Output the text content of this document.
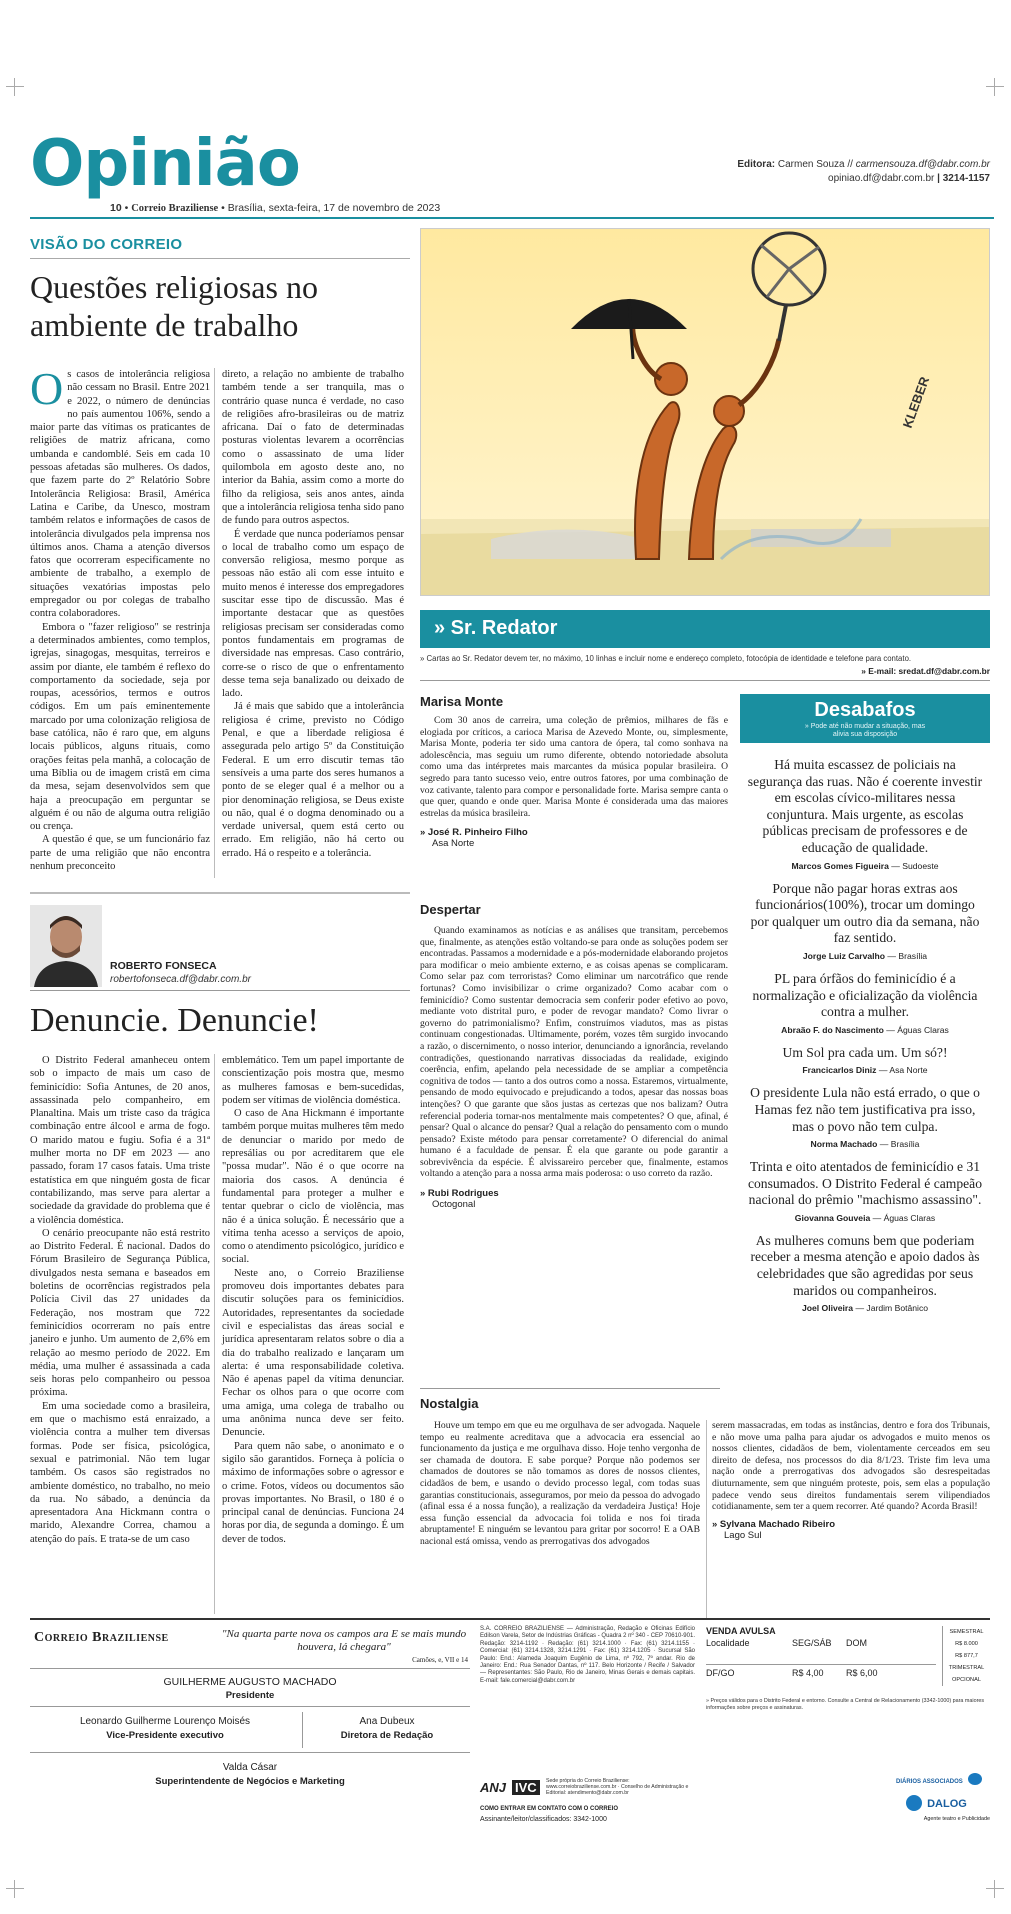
Opinião
10 • Correio Braziliense • Brasília, sexta-feira, 17 de novembro de 2023
Editora: Carmen Souza // carmensouza.df@dabr.com.br
opiniao.df@dabr.com.br | 3214-1157
VISÃO DO CORREIO
Questões religiosas no ambiente de trabalho
O s casos de intolerância religiosa não cessam no Brasil. Entre 2021 e 2022, o número de denúncias no país aumentou 106%, sendo a maior parte das vítimas os praticantes de religiões de matriz africana, como umbanda e candomblé. Seis em cada 10 pessoas afetadas são mulheres. Os dados, que fazem parte do 2º Relatório Sobre Intolerância Religiosa: Brasil, América Latina e Caribe, da Unesco, mostram também relatos e informações de casos de intolerância divulgados pela imprensa nos últimos anos. Chama a atenção diversos fatos que ocorreram especificamente no ambiente de trabalho, a exemplo de situações vexatórias impostas pelo empregador ou por colegas de trabalho contra colaboradores.

Embora o "fazer religioso" se restrinja a determinados ambientes, como templos, igrejas, sinagogas, mesquitas, terreiros e assim por diante, ele também é reflexo do comportamento da sociedade, seja por roupas, acessórios, termos e outros códigos. Em um país eminentemente marcado por uma colonização religiosa de base católica, não é raro que, em alguns locais públicos, alguns rituais, como orações feitas pela manhã, a colocação de uma Bíblia ou de imagem cristã em cima da mesa, sejam desenvolvidos sem que haja a preocupação em perguntar se alguém é ou não de alguma outra religião ou crença.

A questão é que, se um funcionário faz parte de uma religião que não encontra nenhum preconceito

direto, a relação no ambiente de trabalho também tende a ser tranquila, mas o contrário quase nunca é verdade, no caso de religiões afro-brasileiras ou de matriz africana. Daí o fato de determinadas posturas violentas levarem a ocorrências como o assassinato de uma líder quilombola em agosto deste ano, no interior da Bahia, assim como a morte do filho da religiosa, seis anos antes, ainda que a intolerância religiosa tenha sido pano de fundo para outros aspectos.

É verdade que nunca poderíamos pensar o local de trabalho como um espaço de conversão religiosa, mesmo porque as pessoas não estão ali com esse intuito e muito menos é interesse dos empregadores suscitar esse tipo de discussão. Mas é importante destacar que as questões religiosas precisam ser consideradas como pontos fundamentais em programas de diversidade nas empresas. Caso contrário, corre-se o risco de que o enfrentamento desse tema seja banalizado ou deixado de lado.

Já é mais que sabido que a intolerância religiosa é crime, previsto no Código Penal, e que a liberdade religiosa é assegurada pelo artigo 5º da Constituição Federal. E um erro discutir temas tão sensíveis a uma parte dos seres humanos a ponto de se eleger qual é a melhor ou a pior denominação religiosa, se Deus existe ou não, qual é o dogma denominado ou a verdade universal, quem está certo ou errado. Em religião, não há certo ou errado. Há o respeito e a tolerância.

ROBERTO FONSECA
robertofonseca.df@dabr.com.br
Denuncie. Denuncie!

O Distrito Federal amanheceu ontem sob o impacto de mais um caso de feminicídio: Sofia Antunes, de 20 anos, assassinada pelo companheiro, em Planaltina. Mais um triste caso da trágica combinação entre álcool e arma de fogo. O marido matou e fugiu. Sofia é a 31ª mulher morta no DF em 2023 — ano passado, foram 17 casos fatais. Uma triste estatística em que ninguém gosta de ficar contabilizando, mas serve para alertar a sociedade da gravidade do problema que é a violência doméstica.

O cenário preocupante não está restrito ao Distrito Federal. É nacional. Dados do Fórum Brasileiro de Segurança Pública, divulgados nesta semana e baseados em boletins de ocorrências registrados pela Polícia Civil das 27 unidades da Federação, nos mostram que 722 feminicídios ocorreram no país entre janeiro e junho. Um aumento de 2,6% em relação ao mesmo período de 2022. Em média, uma mulher é assassinada a cada seis horas pelo companheiro ou pessoa próxima.

Em uma sociedade como a brasileira, em que o machismo está enraizado, a violência contra a mulher tem diversas formas. Pode ser física, psicológica, sexual e patrimonial. Não tem lugar também. Os casos são registrados no ambiente doméstico, no trabalho, no meio da rua. No sábado, a denúncia da apresentadora Ana Hickmann contra o marido, Alexandre Correa, chamou a atenção do país. E trata-se de um caso

emblemático. Tem um papel importante de conscientização pois mostra que, mesmo as mulheres famosas e bem-sucedidas, podem ser vítimas de violência doméstica.

O caso de Ana Hickmann é importante também porque muitas mulheres têm medo de denunciar o marido por medo de represálias ou por acreditarem que ele "possa mudar". Não é o que ocorre na maioria dos casos. A denúncia é fundamental para proteger a mulher e tentar quebrar o ciclo de violência, mas não é a única solução. É necessário que a vítima tenha acesso a serviços de apoio, como o atendimento psicológico, jurídico e social.

Neste ano, o Correio Braziliense promoveu dois importantes debates para discutir soluções para os feminicídios. Autoridades, representantes da sociedade civil e especialistas das áreas social e jurídica apresentaram relatos sobre o dia a dia do trabalho realizado e lançaram um alerta: é uma responsabilidade coletiva. Não é apenas papel da vítima denunciar. Fechar os olhos para o que ocorre com uma amiga, uma colega de trabalho ou uma anônima nunca deve ser feito. Denuncie.

Para quem não sabe, o anonimato e o sigilo são garantidos. Forneça à polícia o máximo de informações sobre o agressor e o crime. Fotos, vídeos ou documentos são provas importantes. No Brasil, o 180 é o principal canal de denúncias. Funciona 24 horas por dia, de segunda a domingo. É um dever de todos.

KLEBER
» Sr. Redator
» Cartas ao Sr. Redator devem ter, no máximo, 10 linhas e incluir nome e endereço completo, fotocópia de identidade e telefone para contato.
» E-mail: sredat.df@dabr.com.br
Marisa Monte
Com 30 anos de carreira, uma coleção de prêmios, milhares de fãs e elogiada por críticos, a carioca Marisa de Azevedo Monte, ou, simplesmente, Marisa Monte, poderia ter sido uma cantora de ópera, tal como sonhava na adolescência, mas seguiu um rumo diferente, obtendo notoriedade absoluta como uma das intérpretes mais marcantes da música popular brasileira. O segredo para tanto sucesso veio, entre outros fatores, por uma combinação de voz cativante, talento para compor e personalidade forte. Marisa sempre canta o que quer, quando e onde quer. Marisa Monte é considerada uma das maiores estrelas da música brasileira.
» José R. Pinheiro Filho
Asa Norte
Despertar
Quando examinamos as notícias e as análises que transitam, percebemos que, finalmente, as atenções estão voltando-se para onde as soluções podem ser encontradas. Passamos a modernidade e a pós-modernidade elaborando projetos para modificar o meio ambiente externo, e as coisas apenas se complicaram. Como selar paz com terroristas? Como eliminar um narcotráfico que rende fortunas? Como invisibilizar o crime organizado? Como acabar com o feminicídio? Como sustentar democracia sem conferir poder efetivo ao povo, mediante voto distrital puro, e poder de revogar mandato? Como livrar o governo do patrimonialismo? Enfim, construímos viadutos, mas as pistas continuam congestionadas. Ultimamente, porém, vozes têm surgido invocando a razão, o discernimento, o nosso interior, denunciando a ignorância, revelando contradições, questionando narrativas dissociadas da realidade, exigindo coerência, enfim, apelando pela necessidade de se ampliar a competência cognitiva de todos — tanto a dos outros como a nossa. Estaremos, virtualmente, pensando de modo equivocado e prejudicando a todos, apesar das nossas boas intenções? O que garante que sãos justas as certezas que nos balizam? Outra referencial poderia tornar-nos mentalmente mais competentes? O que, afinal, é pensar? Qual o alcance do pensar? Qual a relação do pensamento com o mundo pensado? Existe método para pensar corretamente? O diferencial do animal humano é a faculdade de pensar. É ela que garante ou pode garantir a sobrevivência da espécie. É alvissareiro perceber que, finalmente, estamos voltando a atenção para a nossa arma mais poderosa: o uso correto da razão.
» Rubi Rodrigues
Octogonal
Nostalgia
Houve um tempo em que eu me orgulhava de ser advogada. Naquele tempo eu realmente acreditava que a advocacia era essencial ao funcionamento da justiça e me orgulhava disso. Hoje tenho vergonha de ser chamada de doutora. E sabe porque? Porque não podemos ser chamados de doutores se não tomamos as dores de nossos clientes, cidadãos de bem, e usando o devido processo legal, com todas suas garantias constitucionais, asseguramos, por meio da pessoa do advogado (afinal essa é a nossa função), a realização da verdadeira Justiça! Hoje essa função essencial da advocacia foi tolida e nos foi tirada abruptamente! E ninguém se levantou para gritar por socorro! E a OAB nacional está omissa, vendo as prerrogativas dos advogados
serem massacradas, em todas as instâncias, dentro e fora dos Tribunais, e não move uma palha para ajudar os advogados e muito menos os nossos clientes, cidadãos de bem, violentamente cerceados em seu direito de defesa, nos processos do dia 8/1/23. Triste fim leva uma nação onde a prerrogativas dos advogados são desrespeitadas diuturnamente, sem que ninguém proteste, pois, sem elas a população padece vendo seus direitos fundamentais serem vilipendiados cotidianamente, sem ter a quem recorrer. Até quando? Acorda Brasil!
» Sylvana Machado Ribeiro
Lago Sul
Desabafos
» Pode até não mudar a situação, mas alivia sua disposição
Há muita escassez de policiais na segurança das ruas. Não é coerente investir em escolas cívico-militares nessa conjuntura. Mais urgente, as escolas públicas precisam de professores e de educação de qualidade.
Marcos Gomes Figueira — Sudoeste
Porque não pagar horas extras aos funcionários(100%), trocar um domingo por qualquer um outro dia da semana, não faz sentido.
Jorge Luiz Carvalho — Brasília
PL para órfãos do feminicídio é a normalização e oficialização da violência contra a mulher.
Abraão F. do Nascimento — Águas Claras
Um Sol pra cada um. Um só?!
Francicarlos Diniz — Asa Norte
O presidente Lula não está errado, o que o Hamas fez não tem justificativa pra isso, mas o povo não tem culpa.
Norma Machado — Brasília
Trinta e oito atentados de feminicídio e 31 consumados. O Distrito Federal é campeão nacional do prêmio "machismo assassino".
Giovanna Gouveia — Águas Claras
As mulheres comuns bem que poderiam receber a mesma atenção e apoio dados às celebridades que são agredidas por seus maridos ou companheiros.
Joel Oliveira — Jardim Botânico
Correio Braziliense	"Na quarta parte nova os campos ara E se mais mundo houvera, lá chegara"
Camões, e, VII e 14
GUILHERME AUGUSTO MACHADO
Presidente
Leonardo Guilherme Lourenço Moisés
Vice-Presidente executivo
Ana Dubeux
Diretora de Redação
Valda Cásar
Superintendente de Negócios e Marketing
S.A. CORREIO BRAZILIENSE — Administração, Redação e Oficinas Edifício Edilson Varela, Setor de Indústrias Gráficas - Quadra 2 nº 340 - CEP 70610-901. Redação: 3214-1192 · Redação: (61) 3214.1000 · Fax: (61) 3214.1155 · Comercial: (61) 3214.1328, 3214.1291 · Fax: (61) 3214.1205 · Sucursal São Paulo: End.: Alameda Joaquim Eugênio de Lima, nº 792, 7º andar. Rio de Janeiro: End.: Rua Senador Dantas, nº 117. Belo Horizonte / Recife / Salvador — Representantes: São Paulo, Rio de Janeiro, Minas Gerais e demais capitais. E-mail: fale.comercial@dabr.com.br
ANJ IVC	Sede própria do Correio Braziliense: www.correiobraziliense.com.br · Conselho de Administração e Editorial: atendimento@dabr.com.br
COMO ENTRAR EM CONTATO COM O CORREIO
Assinante/leitor/classificados: 3342-1000
VENDA AVULSA
Localidade	SEG/SÁB DOM
DF/GO	R$ 4,00 R$ 6,00
SEMESTRAL
R$ 8.000
R$ 877,7
TRIMESTRAL
OPCIONAL
» Preços válidos para o Distrito Federal e entorno. Consulte a Central de Relacionamento (3342-1000) para maiores informações sobre preços e assinaturas.
DIÁRIOS ASSOCIADOS
DALOG
Agente teatro e Publicidade
